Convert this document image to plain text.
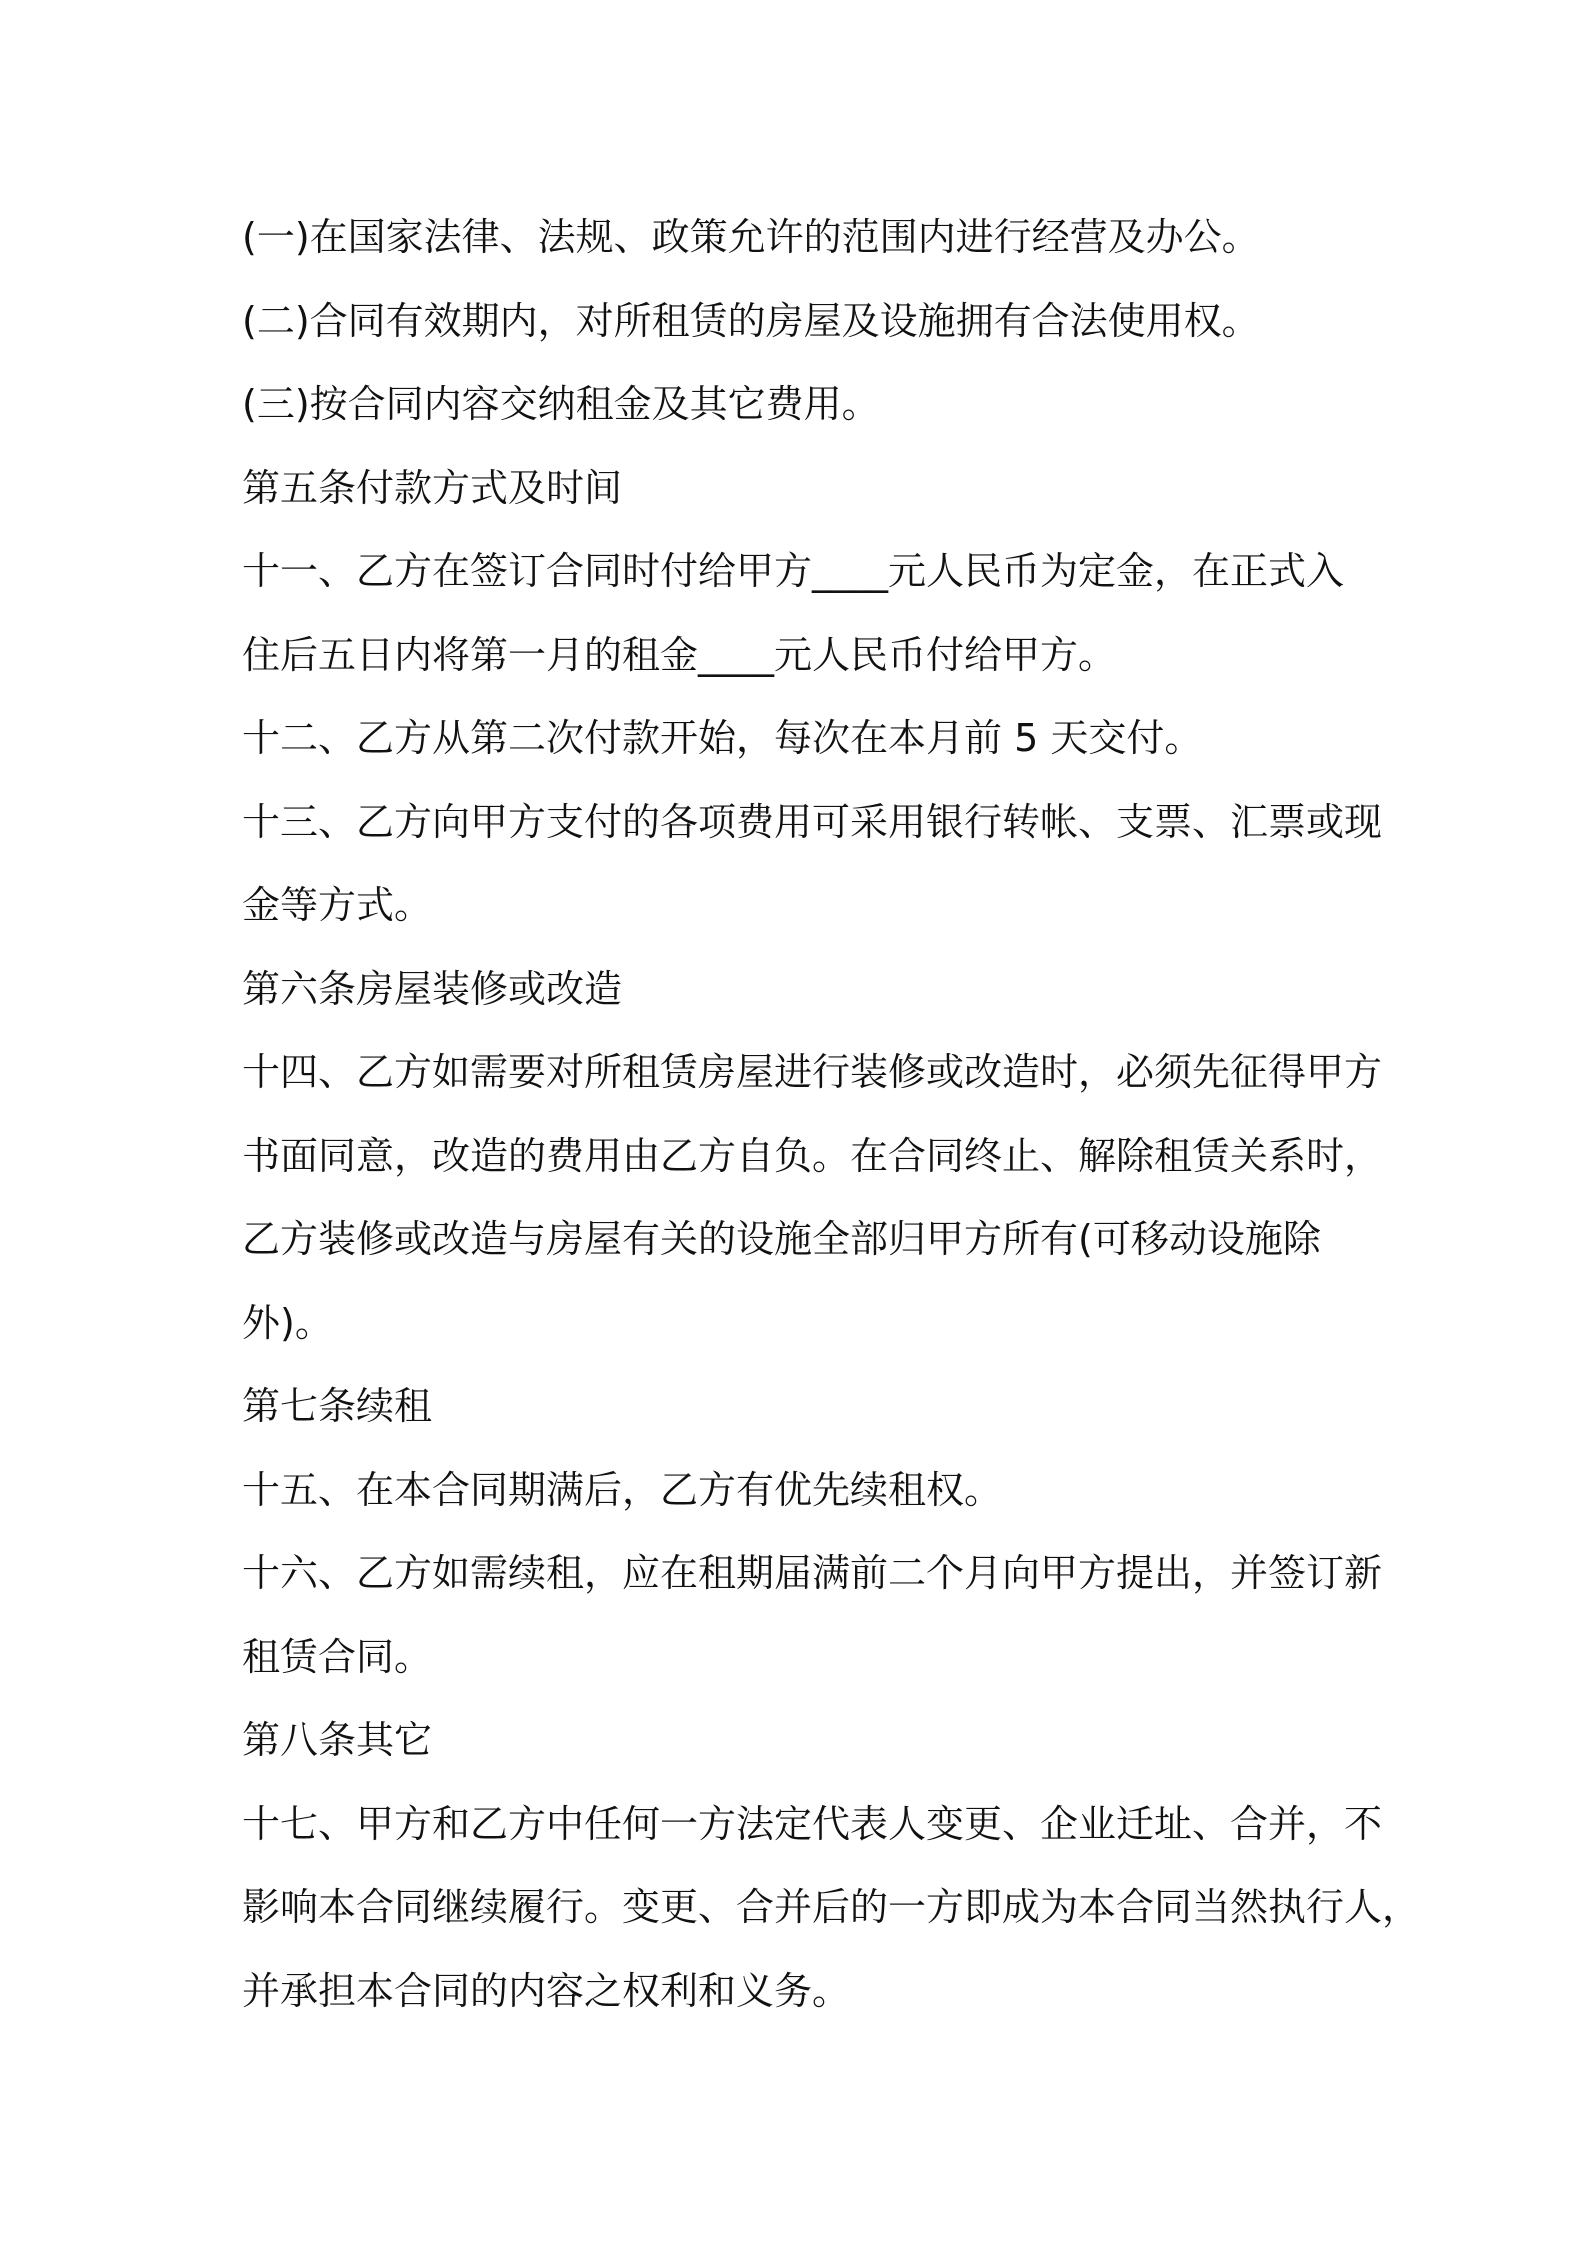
(一)在国家法律、法规、政策允许的范围内进行经营及办公。
(二)合同有效期内，对所租赁的房屋及设施拥有合法使用权。
(三)按合同内容交纳租金及其它费用。
第五条付款方式及时间
十一、乙方在签订合同时付给甲方____元人民币为定金，在正式入
住后五日内将第一月的租金____元人民币付给甲方。
十二、乙方从第二次付款开始，每次在本月前 5 天交付。
十三、乙方向甲方支付的各项费用可采用银行转帐、支票、汇票或现
金等方式。
第六条房屋装修或改造
十四、乙方如需要对所租赁房屋进行装修或改造时，必须先征得甲方
书面同意，改造的费用由乙方自负。在合同终止、解除租赁关系时，
乙方装修或改造与房屋有关的设施全部归甲方所有(可移动设施除
外)。
第七条续租
十五、在本合同期满后，乙方有优先续租权。
十六、乙方如需续租，应在租期届满前二个月向甲方提出，并签订新
租赁合同。
第八条其它
十七、甲方和乙方中任何一方法定代表人变更、企业迁址、合并，不
影响本合同继续履行。变更、合并后的一方即成为本合同当然执行人，
并承担本合同的内容之权利和义务。
